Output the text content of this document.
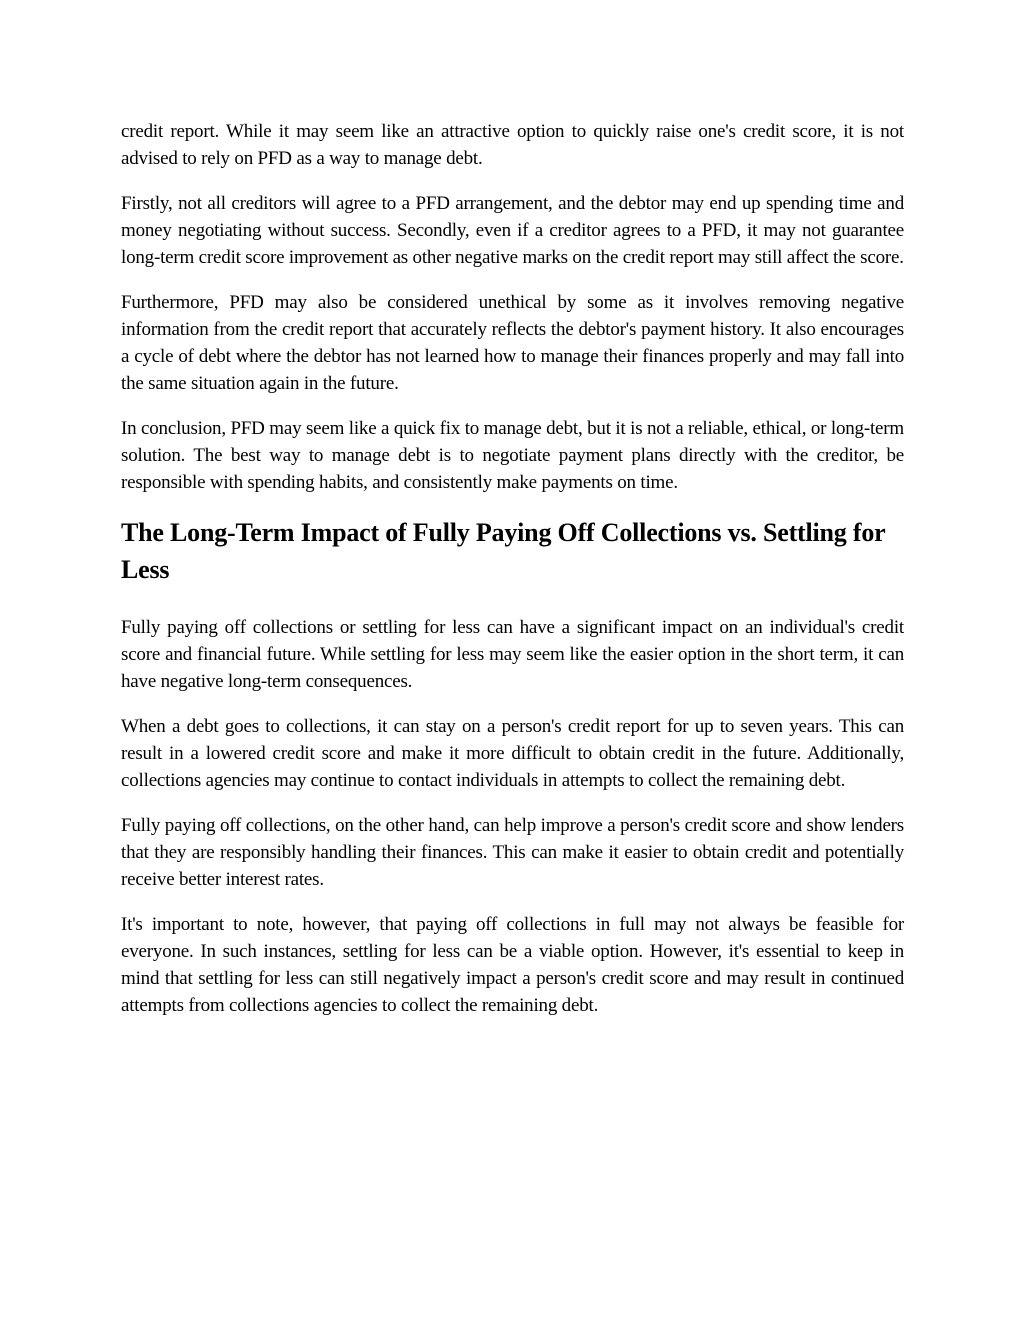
credit report. While it may seem like an attractive option to quickly raise one's credit score, it is not advised to rely on PFD as a way to manage debt.

Firstly, not all creditors will agree to a PFD arrangement, and the debtor may end up spending time and money negotiating without success. Secondly, even if a creditor agrees to a PFD, it may not guarantee long-term credit score improvement as other negative marks on the credit report may still affect the score.

Furthermore, PFD may also be considered unethical by some as it involves removing negative information from the credit report that accurately reflects the debtor's payment history. It also encourages a cycle of debt where the debtor has not learned how to manage their finances properly and may fall into the same situation again in the future.

In conclusion, PFD may seem like a quick fix to manage debt, but it is not a reliable, ethical, or long-term solution. The best way to manage debt is to negotiate payment plans directly with the creditor, be responsible with spending habits, and consistently make payments on time.

The Long-Term Impact of Fully Paying Off Collections vs. Settling for Less

Fully paying off collections or settling for less can have a significant impact on an individual's credit score and financial future. While settling for less may seem like the easier option in the short term, it can have negative long-term consequences.

When a debt goes to collections, it can stay on a person's credit report for up to seven years. This can result in a lowered credit score and make it more difficult to obtain credit in the future. Additionally, collections agencies may continue to contact individuals in attempts to collect the remaining debt.

Fully paying off collections, on the other hand, can help improve a person's credit score and show lenders that they are responsibly handling their finances. This can make it easier to obtain credit and potentially receive better interest rates.

It's important to note, however, that paying off collections in full may not always be feasible for everyone. In such instances, settling for less can be a viable option. However, it's essential to keep in mind that settling for less can still negatively impact a person's credit score and may result in continued attempts from collections agencies to collect the remaining debt.
